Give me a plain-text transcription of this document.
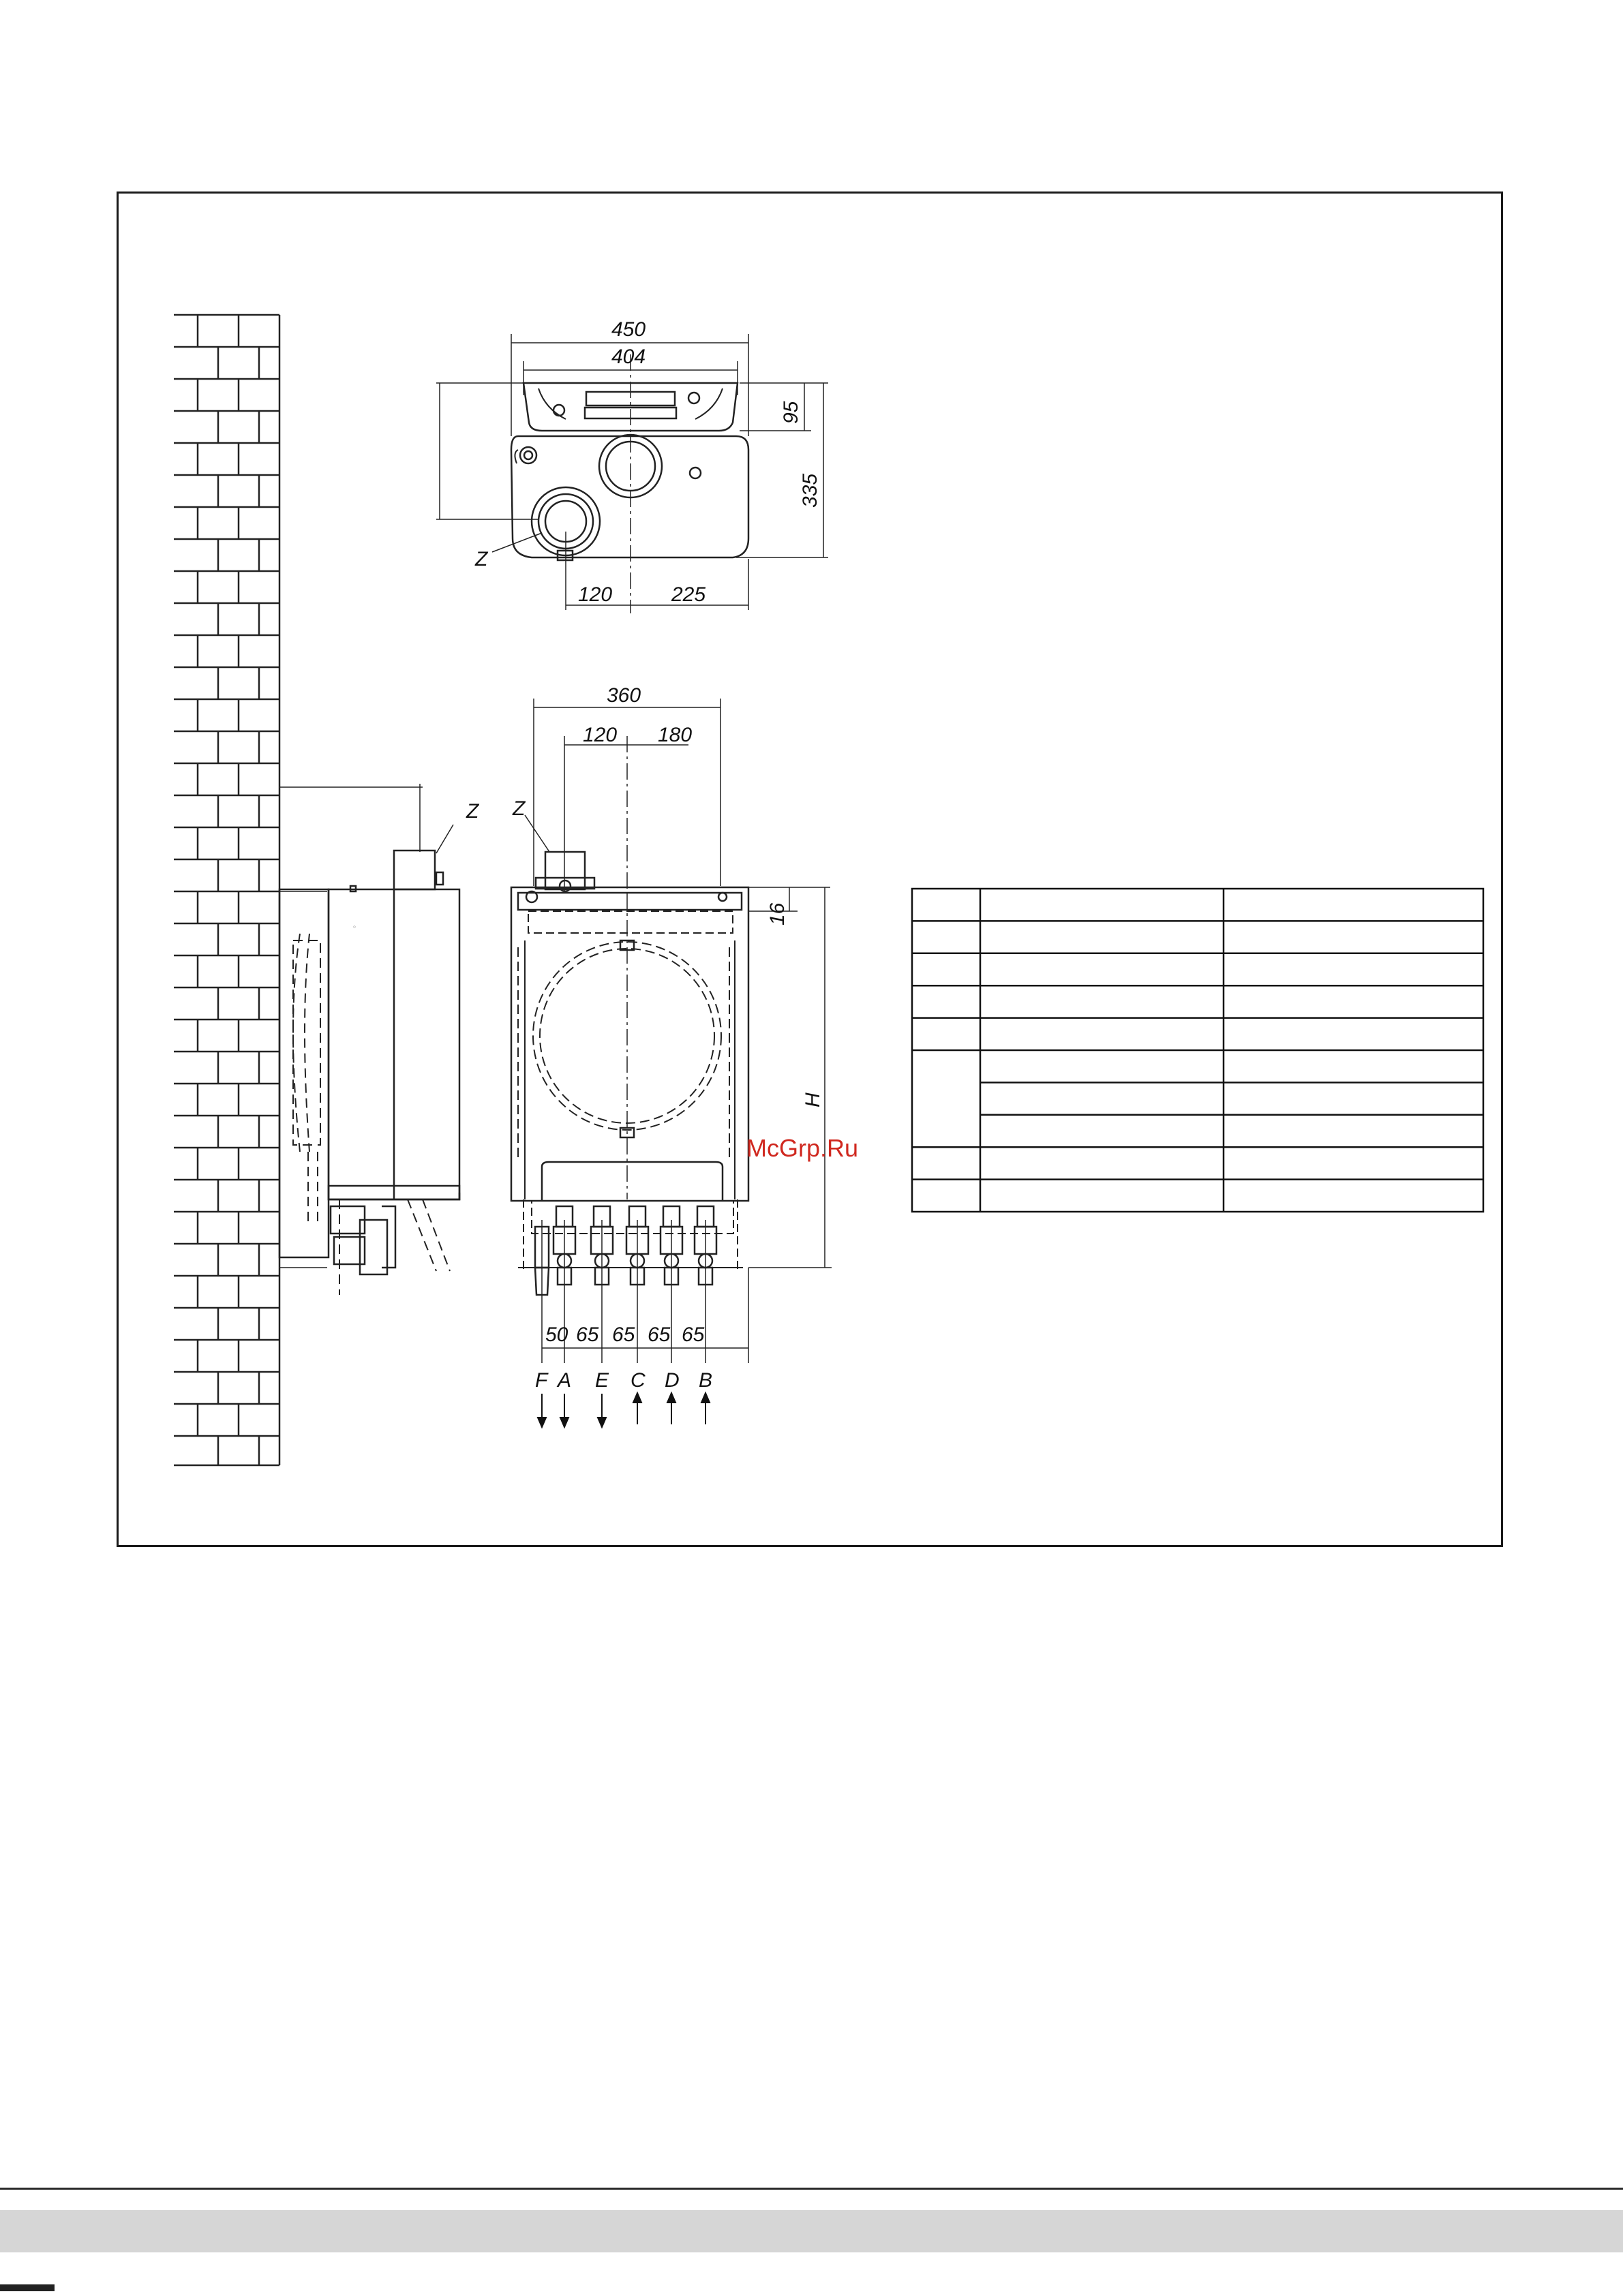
450
404
95
335
120	225
Z
Z
360
120 180
16
H
Z
50 65 65 65 65
F A E C D B
McGrp.Ru
